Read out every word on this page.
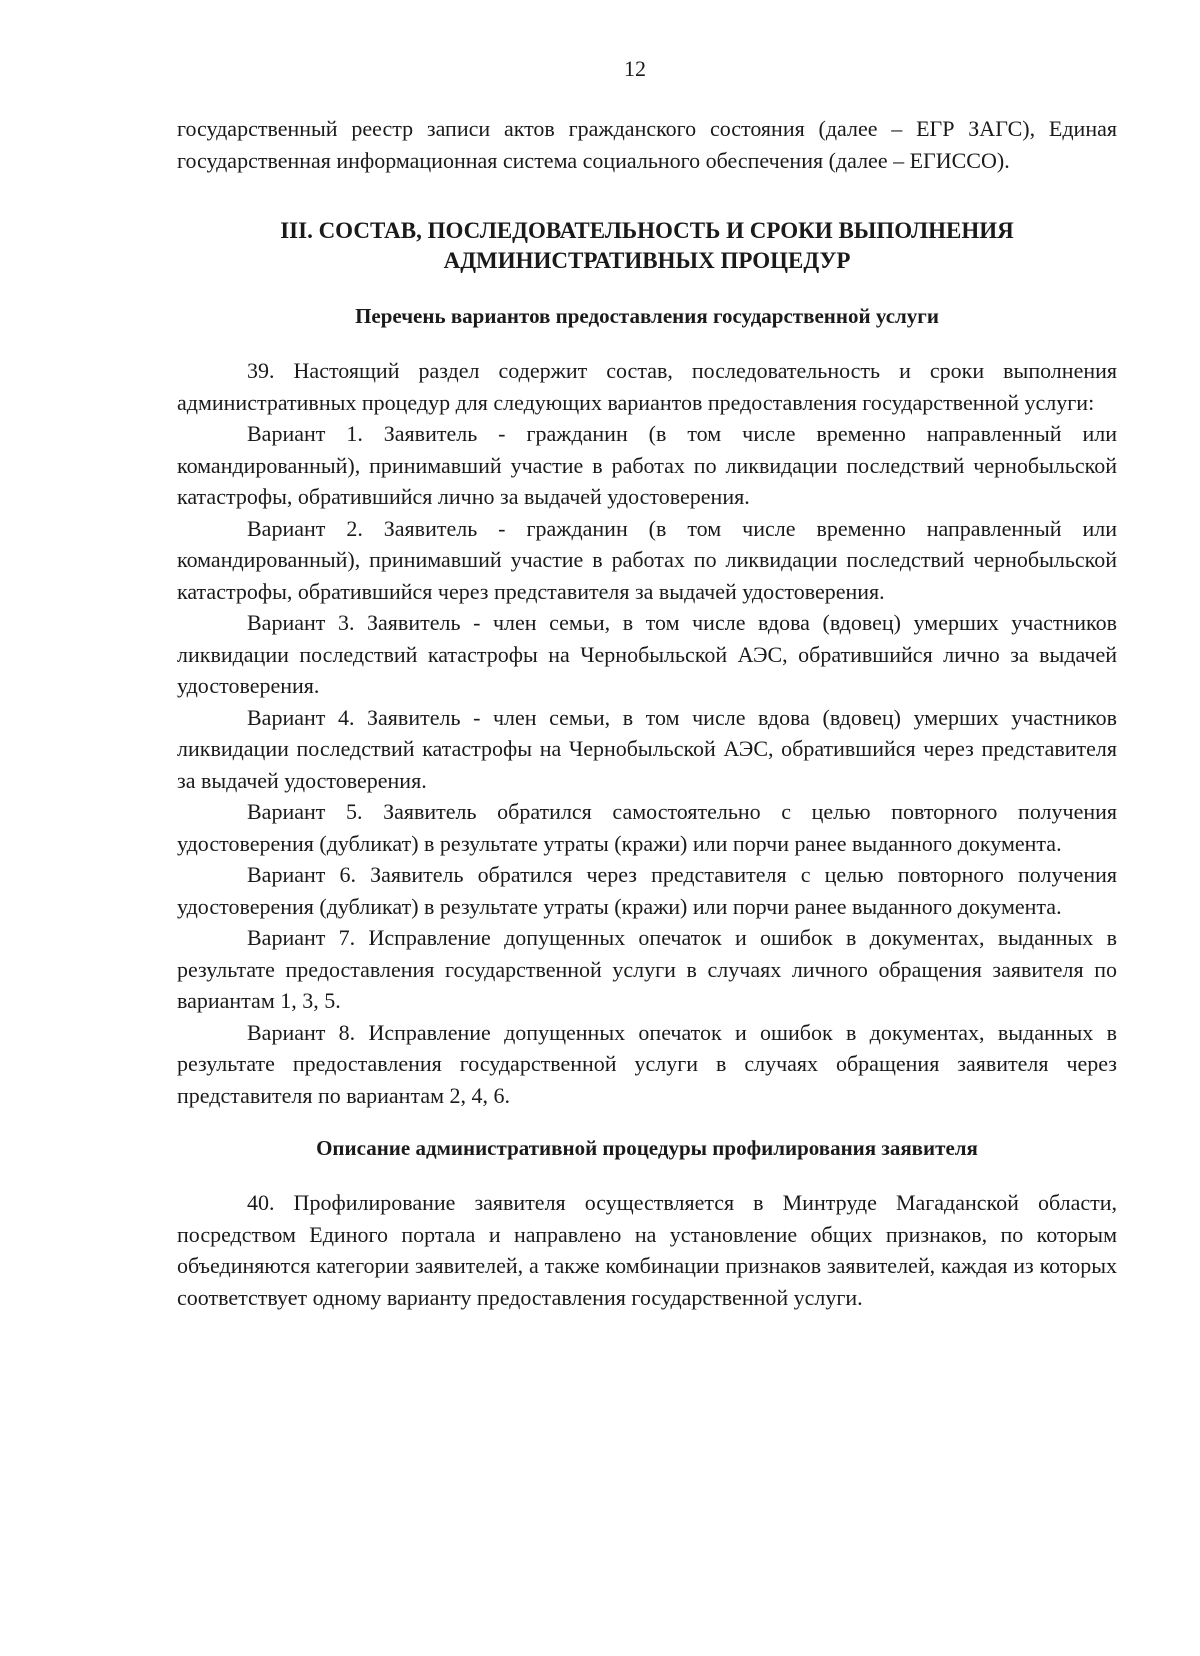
12

государственный реестр записи актов гражданского состояния (далее – ЕГР ЗАГС), Единая государственная информационная система социального обеспечения (далее – ЕГИССО).

III. СОСТАВ, ПОСЛЕДОВАТЕЛЬНОСТЬ И СРОКИ ВЫПОЛНЕНИЯ
АДМИНИСТРАТИВНЫХ ПРОЦЕДУР
Перечень вариантов предоставления государственной услуги

39. Настоящий раздел содержит состав, последовательность и сроки выполнения административных процедур для следующих вариантов предоставления государственной услуги:

Вариант 1. Заявитель - гражданин (в том числе временно направленный или командированный), принимавший участие в работах по ликвидации последствий чернобыльской катастрофы, обратившийся лично за выдачей удостоверения.

Вариант 2. Заявитель - гражданин (в том числе временно направленный или командированный), принимавший участие в работах по ликвидации последствий чернобыльской катастрофы, обратившийся через представителя за выдачей удостоверения.

Вариант 3. Заявитель - член семьи, в том числе вдова (вдовец) умерших участников ликвидации последствий катастрофы на Чернобыльской АЭС, обратившийся лично за выдачей удостоверения.

Вариант 4. Заявитель - член семьи, в том числе вдова (вдовец) умерших участников ликвидации последствий катастрофы на Чернобыльской АЭС, обратившийся через представителя за выдачей удостоверения.

Вариант 5. Заявитель обратился самостоятельно с целью повторного получения удостоверения (дубликат) в результате утраты (кражи) или порчи ранее выданного документа.

Вариант 6. Заявитель обратился через представителя с целью повторного получения удостоверения (дубликат) в результате утраты (кражи) или порчи ранее выданного документа.

Вариант 7. Исправление допущенных опечаток и ошибок в документах, выданных в результате предоставления государственной услуги в случаях личного обращения заявителя по вариантам 1, 3, 5.

Вариант 8. Исправление допущенных опечаток и ошибок в документах, выданных в результате предоставления государственной услуги в случаях обращения заявителя через представителя по вариантам 2, 4, 6.

Описание административной процедуры профилирования заявителя

40. Профилирование заявителя осуществляется в Минтруде Магаданской области, посредством Единого портала и направлено на установление общих признаков, по которым объединяются категории заявителей, а также комбинации признаков заявителей, каждая из которых соответствует одному варианту предоставления государственной услуги.
